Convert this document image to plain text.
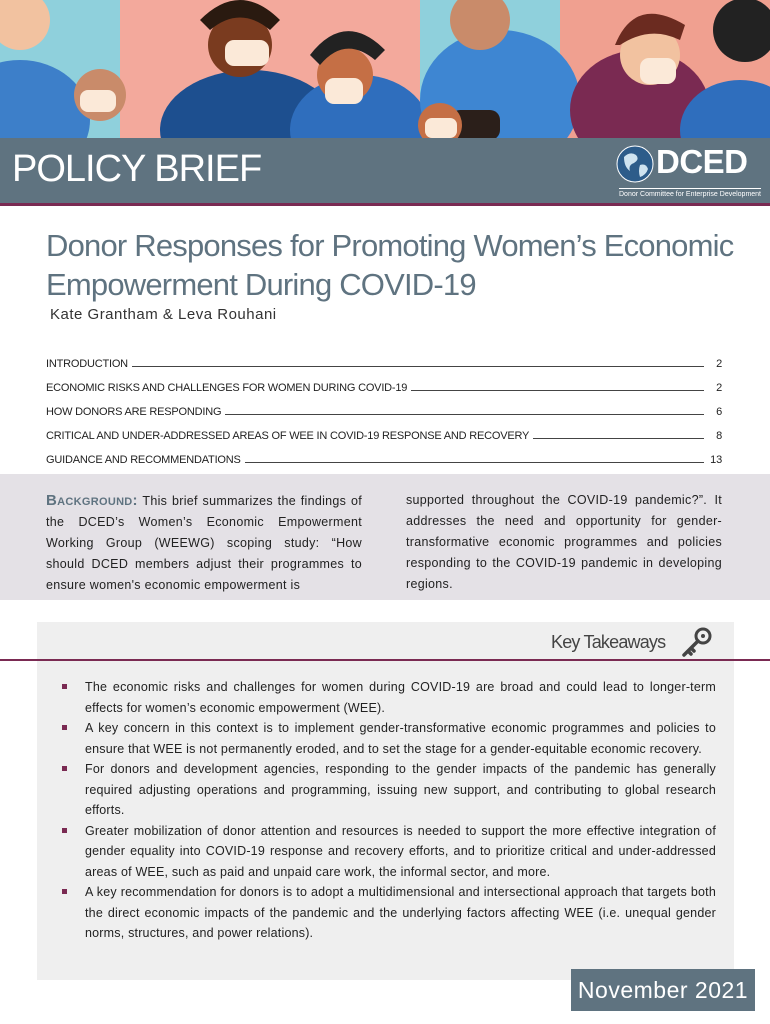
POLICY BRIEF	DCED
Donor Committee for Enterprise Development
Donor Responses for Promoting Women’s Economic
Empowerment During COVID-19
Kate Grantham & Leva Rouhani
INTRODUCTION	2
ECONOMIC RISKS AND CHALLENGES FOR WOMEN DURING COVID-19	2
HOW DONORS ARE RESPONDING	6
CRITICAL AND UNDER-ADDRESSED AREAS OF WEE IN COVID-19 RESPONSE AND RECOVERY	8
GUIDANCE AND RECOMMENDATIONS	13
Background: This brief summarizes the findings of the DCED’s Women’s Economic Empowerment Working Group (WEEWG) scoping study: “How should DCED members adjust their programmes to ensure women's economic empowerment is
supported throughout the COVID-19 pandemic?”. It addresses the need and opportunity for gender-transformative economic programmes and policies responding to the COVID-19 pandemic in developing regions.
Key Takeaways
The economic risks and challenges for women during COVID-19 are broad and could lead to longer-term effects for women’s economic empowerment (WEE).
A key concern in this context is to implement gender-transformative economic programmes and policies to ensure that WEE is not permanently eroded, and to set the stage for a gender-equitable economic recovery.
For donors and development agencies, responding to the gender impacts of the pandemic has generally required adjusting operations and programming, issuing new support, and contributing to global research efforts.
Greater mobilization of donor attention and resources is needed to support the more effective integration of gender equality into COVID-19 response and recovery efforts, and to prioritize critical and under-addressed areas of WEE, such as paid and unpaid care work, the informal sector, and more.
A key recommendation for donors is to adopt a multidimensional and intersectional approach that targets both the direct economic impacts of the pandemic and the underlying factors affecting WEE (i.e. unequal gender norms, structures, and power relations).
November 2021
